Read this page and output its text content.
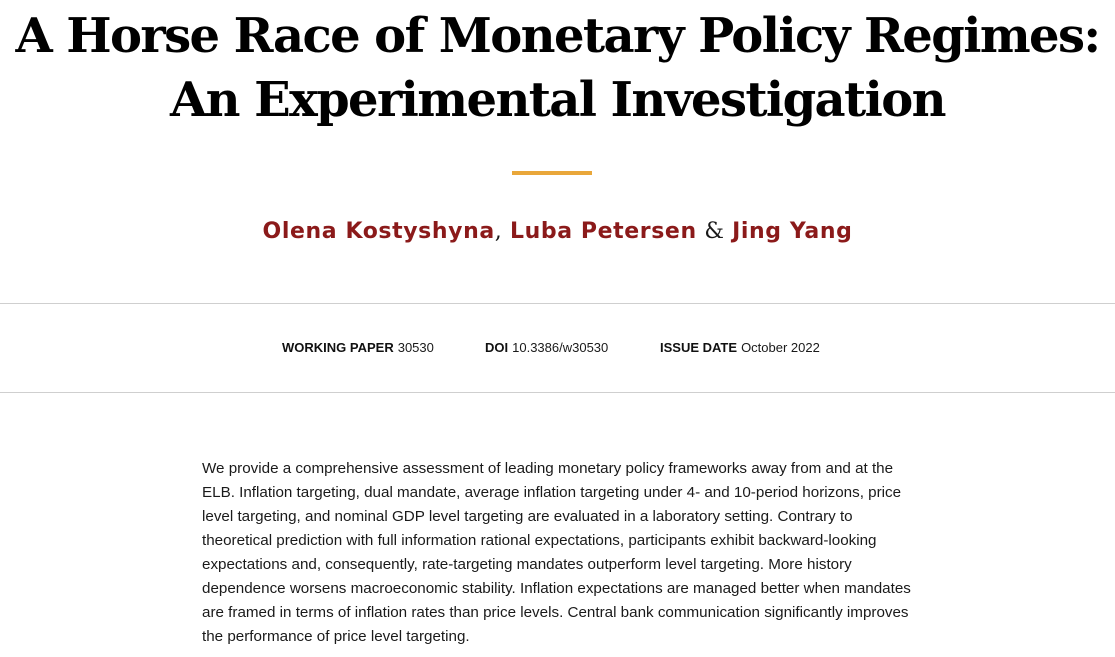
A Horse Race of Monetary Policy Regimes: An Experimental Investigation
Olena Kostyshyna, Luba Petersen & Jing Yang
WORKING PAPER 30530	DOI 10.3386/w30530	ISSUE DATE October 2022

We provide a comprehensive assessment of leading monetary policy frameworks away from and at the ELB. Inflation targeting, dual mandate, average inflation targeting under 4- and 10-period horizons, price level targeting, and nominal GDP level targeting are evaluated in a laboratory setting. Contrary to theoretical prediction with full information rational expectations, participants exhibit backward-looking expectations and, consequently, rate-targeting mandates outperform level targeting. More history dependence worsens macroeconomic stability. Inflation expectations are managed better when mandates are framed in terms of inflation rates than price levels. Central bank communication significantly improves the performance of price level targeting.
